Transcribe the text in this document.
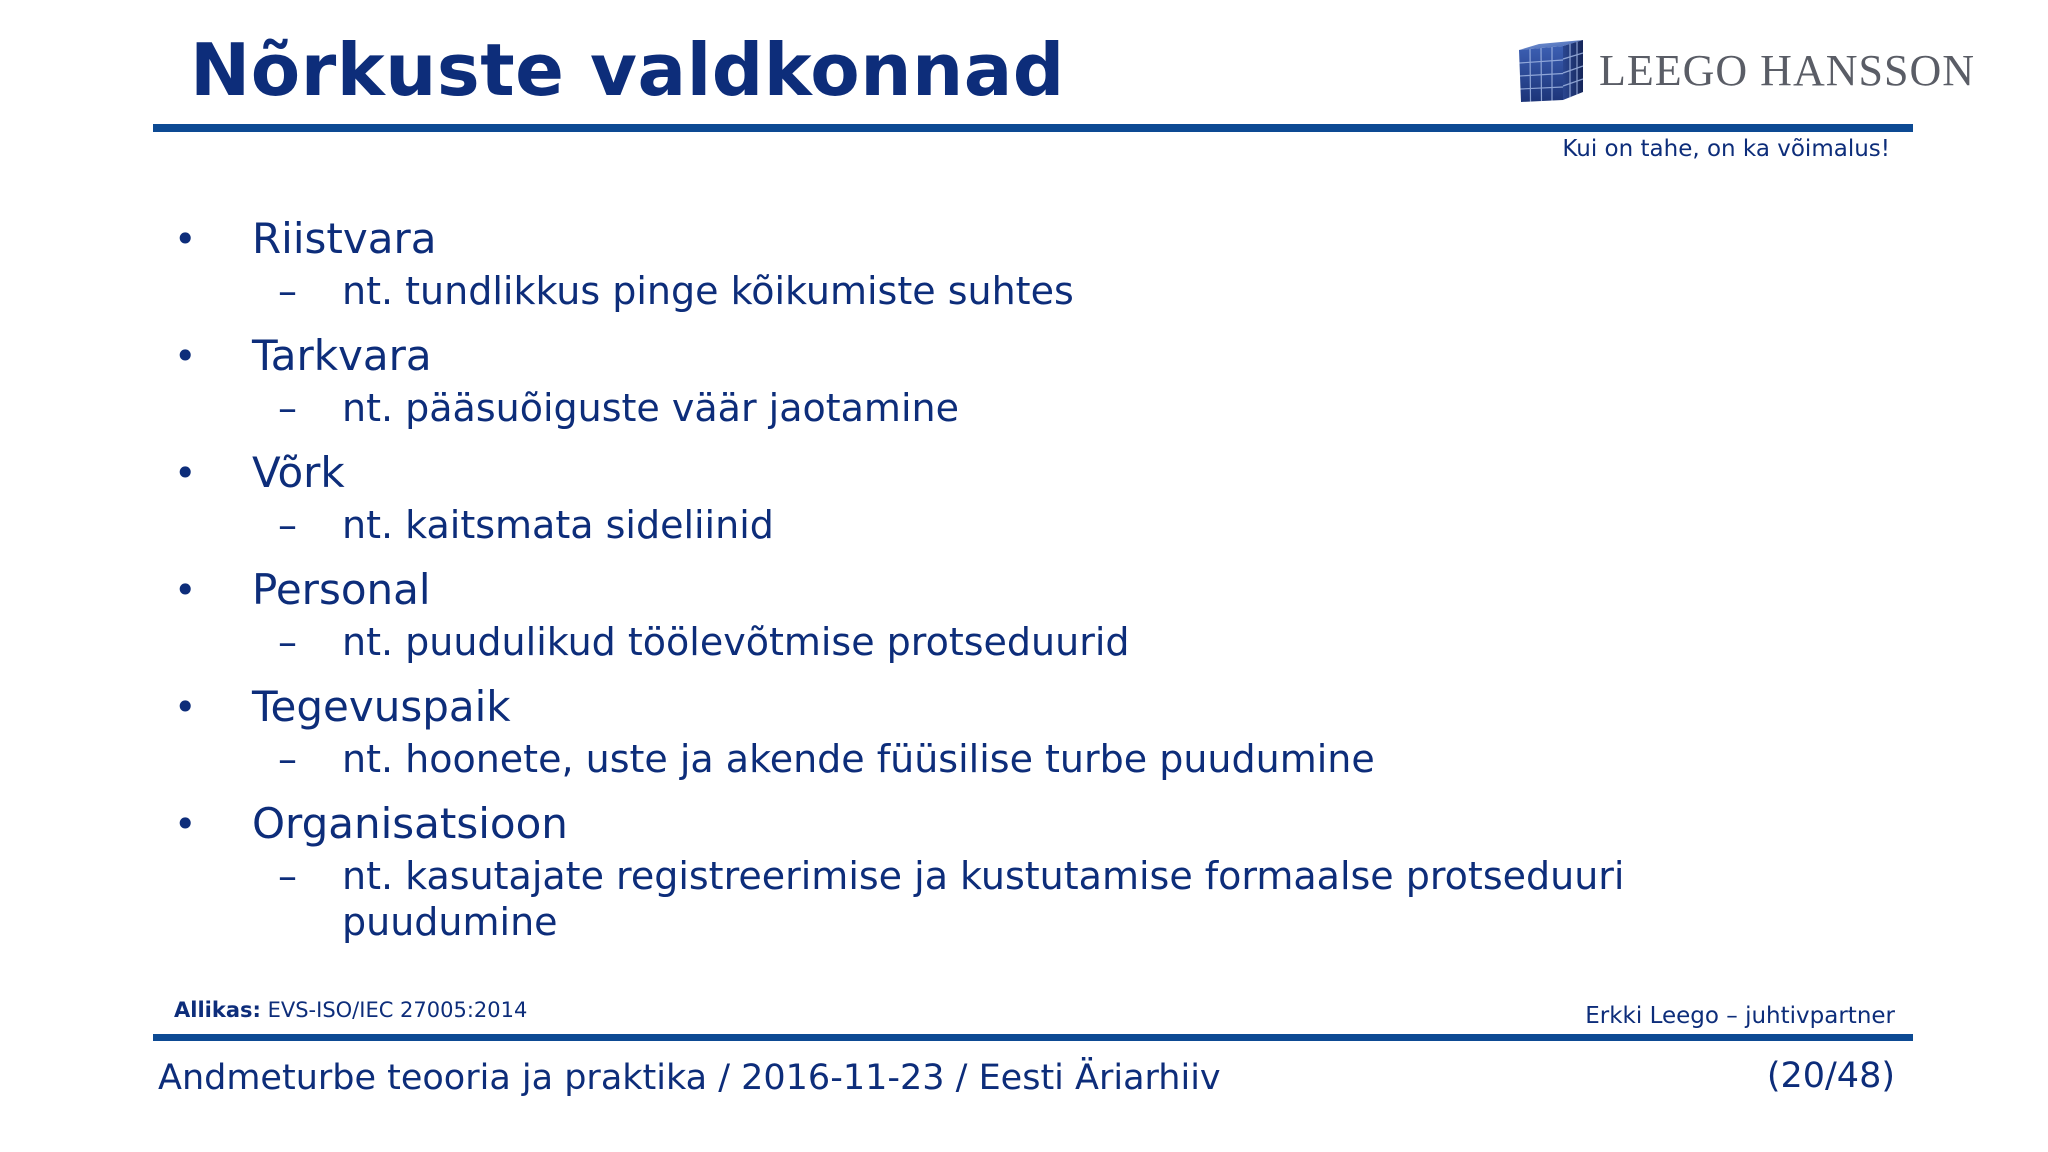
Nõrkuste valdkonnad	LEEGO HANSSON
Kui on tahe, on ka võimalus!
• Riistvara
– nt. tundlikkus pinge kõikumiste suhtes
• Tarkvara
– nt. pääsuõiguste väär jaotamine
• Võrk
– nt. kaitsmata sideliinid
• Personal
– nt. puudulikud töölevõtmise protseduurid
• Tegevuspaik
– nt. hoonete, uste ja akende füüsilise turbe puudumine
• Organisatsioon
– nt. kasutajate registreerimise ja kustutamise formaalse protseduuri puudumine
Allikas: EVS-ISO/IEC 27005:2014	Erkki Leego – juhtivpartner
Andmeturbe teooria ja praktika / 2016-11-23 / Eesti Äriarhiiv	(20/48)
